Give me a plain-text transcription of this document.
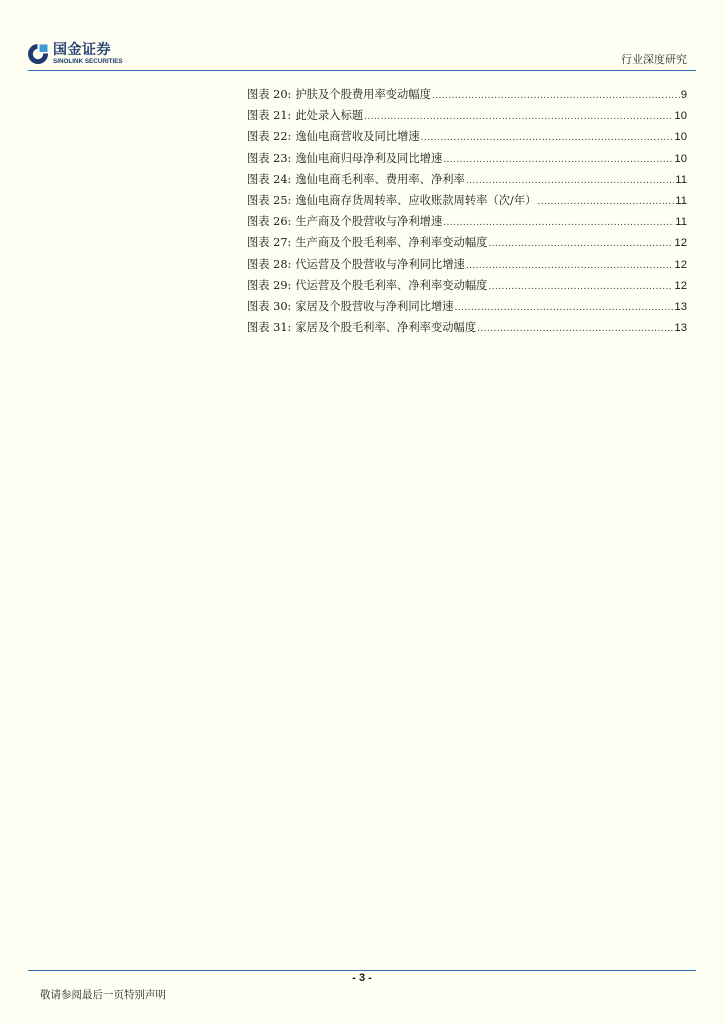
国金证券
SINOLINK SECURITIES	行业深度研究
图表 20: 护肤及个股费用率变动幅度 .....	9
图表 21: 此处录入标题 .....	10
图表 22: 逸仙电商营收及同比增速 .....	10
图表 23: 逸仙电商归母净利及同比增速 .....	10
图表 24: 逸仙电商毛利率、费用率、净利率 .....	11
图表 25: 逸仙电商存货周转率、应收账款周转率（次/年） .....	11
图表 26: 生产商及个股营收与净利增速 .....	11
图表 27: 生产商及个股毛利率、净利率变动幅度 .....	12
图表 28: 代运营及个股营收与净利同比增速 .....	12
图表 29: 代运营及个股毛利率、净利率变动幅度 .....	12
图表 30: 家居及个股营收与净利同比增速 .....	13
图表 31: 家居及个股毛利率、净利率变动幅度 .....	13
- 3 -
敬请参阅最后一页特别声明
